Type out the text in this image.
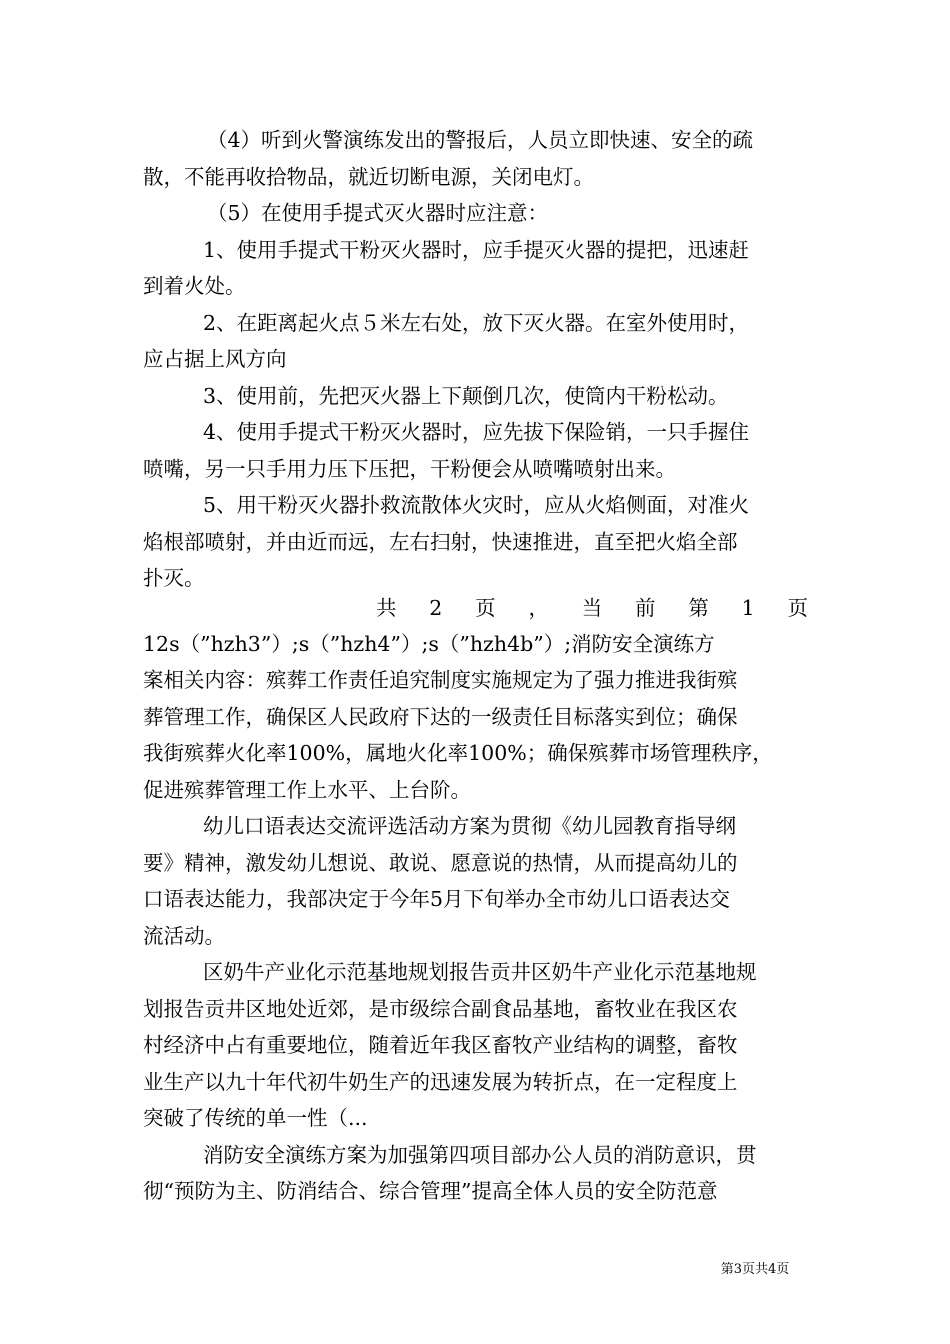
（4）听到火警演练发出的警报后，人员立即快速、安全的疏
散，不能再收拾物品，就近切断电源，关闭电灯。
（5）在使用手提式灭火器时应注意：
1、使用手提式干粉灭火器时，应手提灭火器的提把，迅速赶
到着火处。
2、在距离起火点５米左右处，放下灭火器。在室外使用时，
应占据上风方向
3、使用前，先把灭火器上下颠倒几次，使筒内干粉松动。
4、使用手提式干粉灭火器时，应先拔下保险销，一只手握住
喷嘴，另一只手用力压下压把，干粉便会从喷嘴喷射出来。
5、用干粉灭火器扑救流散体火灾时，应从火焰侧面，对准火
焰根部喷射，并由近而远，左右扫射，快速推进，直至把火焰全部
扑灭。
共 2 页 ， 当 前 第 1 页
12s（”hzh3”）;s（”hzh4”）;s（”hzh4b”）;消防安全演练方
案相关内容：殡葬工作责任追究制度实施规定为了强力推进我街殡
葬管理工作，确保区人民政府下达的一级责任目标落实到位；确保
我街殡葬火化率100%，属地火化率100%；确保殡葬市场管理秩序，
促进殡葬管理工作上水平、上台阶。
幼儿口语表达交流评选活动方案为贯彻《幼儿园教育指导纲
要》精神，激发幼儿想说、敢说、愿意说的热情，从而提高幼儿的
口语表达能力，我部决定于今年5月下旬举办全市幼儿口语表达交
流活动。
区奶牛产业化示范基地规划报告贡井区奶牛产业化示范基地规
划报告贡井区地处近郊，是市级综合副食品基地，畜牧业在我区农
村经济中占有重要地位，随着近年我区畜牧产业结构的调整，畜牧
业生产以九十年代初牛奶生产的迅速发展为转折点，在一定程度上
突破了传统的单一性（...
消防安全演练方案为加强第四项目部办公人员的消防意识，贯
彻“预防为主、防消结合、综合管理”提高全体人员的安全防范意
第3页共4页
